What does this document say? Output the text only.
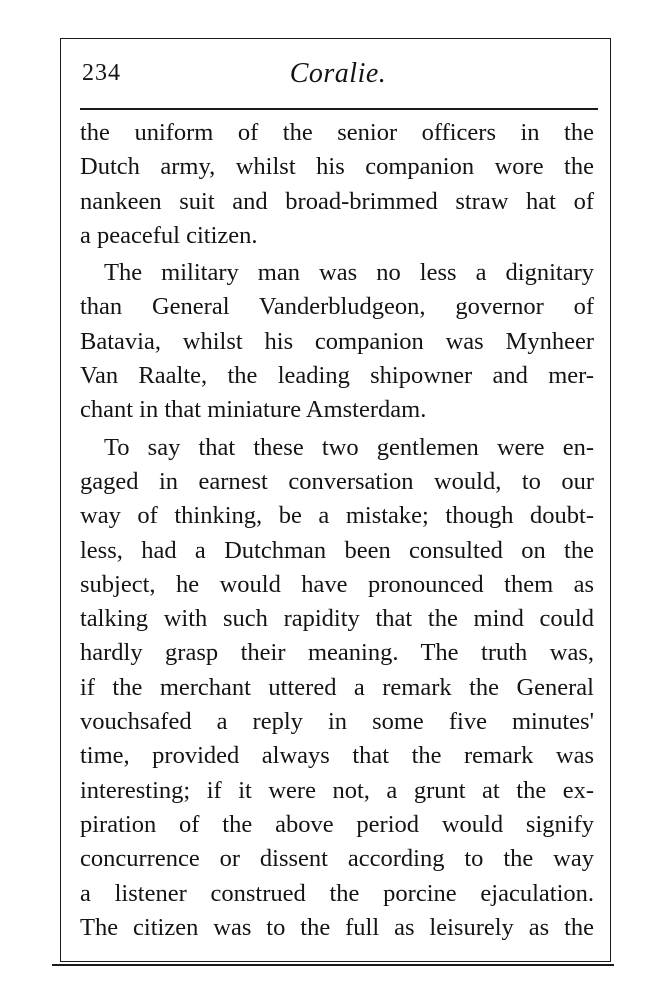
234	Coralie.
the uniform of the senior officers in the
Dutch army, whilst his companion wore the
nankeen suit and broad-brimmed straw hat of
a peaceful citizen.
The military man was no less a dignitary
than General Vanderbludgeon, governor of
Batavia, whilst his companion was Mynheer
Van Raalte, the leading shipowner and mer-
chant in that miniature Amsterdam.
To say that these two gentlemen were en-
gaged in earnest conversation would, to our
way of thinking, be a mistake; though doubt-
less, had a Dutchman been consulted on the
subject, he would have pronounced them as
talking with such rapidity that the mind could
hardly grasp their meaning. The truth was,
if the merchant uttered a remark the General
vouchsafed a reply in some five minutes'
time, provided always that the remark was
interesting; if it were not, a grunt at the ex-
piration of the above period would signify
concurrence or dissent according to the way
a listener construed the porcine ejaculation.
The citizen was to the full as leisurely as the
